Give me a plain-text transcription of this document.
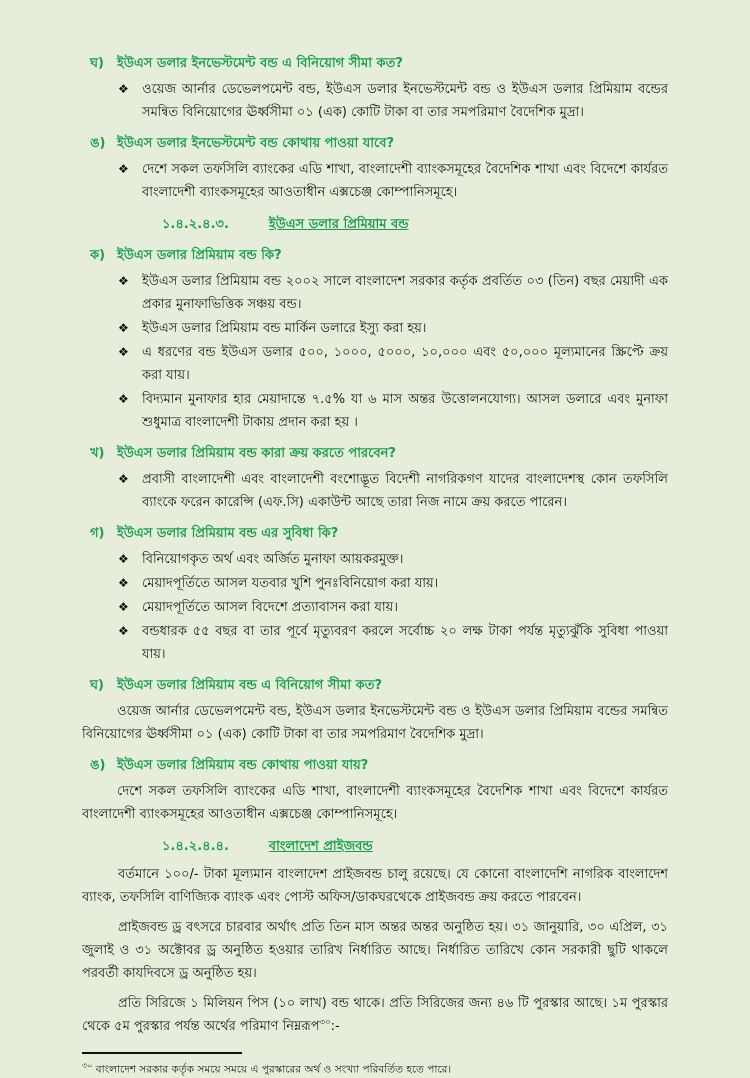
ঘ)	ইউএস ডলার ইনভেস্টমেন্ট বন্ড এ বিনিয়োগ সীমা কত?
❖	ওয়েজ আর্নার ডেভেলপমেন্ট বন্ড, ইউএস ডলার ইনভেস্টমেন্ট বন্ড ও ইউএস ডলার প্রিমিয়াম বন্ডের সমন্বিত বিনিয়োগের ঊর্ধ্বসীমা ০১ (এক) কোটি টাকা বা তার সমপরিমাণ বৈদেশিক মুদ্রা।
ঙ) ইউএস ডলার ইনভেস্টমেন্ট বন্ড কোথায় পাওয়া যাবে?
❖	দেশে সকল তফসিলি ব্যাংকের এডি শাখা, বাংলাদেশী ব্যাংকসমূহের বৈদেশিক শাখা এবং বিদেশে কার্যরত বাংলাদেশী ব্যাংকসমূহের আওতাধীন এক্সচেঞ্জ কোম্পানিসমূহে।
১.৪.২.৪.৩.	ইউএস ডলার প্রিমিয়াম বন্ড
ক) ইউএস ডলার প্রিমিয়াম বন্ড কি?
❖	ইউএস ডলার প্রিমিয়াম বন্ড ২০০২ সালে বাংলাদেশ সরকার কর্তৃক প্রবর্তিত ০৩ (তিন) বছর মেয়াদী এক প্রকার মুনাফাভিত্তিক সঞ্চয় বন্ড।
❖	ইউএস ডলার প্রিমিয়াম বন্ড মার্কিন ডলারে ইস্যু করা হয়।
❖	এ ধরণের বন্ড ইউএস ডলার ৫০০, ১০০০, ৫০০০, ১০,০০০ এবং ৫০,০০০ মূল্যমানের স্ক্রিপ্টে ক্রয় করা যায়।
❖	বিদ্যমান মুনাফার হার মেয়াদান্তে ৭.৫% যা ৬ মাস অন্তর উত্তোলনযোগ্য। আসল ডলারে এবং মুনাফা শুধুমাত্র বাংলাদেশী টাকায় প্রদান করা হয় ।
খ) ইউএস ডলার প্রিমিয়াম বন্ড কারা ক্রয় করতে পারবেন?
❖	প্রবাসী বাংলাদেশী এবং বাংলাদেশী বংশোদ্ভূত বিদেশী নাগরিকগণ যাদের বাংলাদেশস্থ কোন তফসিলি ব্যাংকে ফরেন কারেন্সি (এফ.সি) একাউন্ট আছে তারা নিজ নামে ক্রয় করতে পারেন।
গ) ইউএস ডলার প্রিমিয়াম বন্ড এর সুবিধা কি?
❖	বিনিয়োগকৃত অর্থ এবং অর্জিত মুনাফা আয়করমুক্ত।
❖	মেয়াদপূর্তিতে আসল যতবার খুশি পুনঃবিনিয়োগ করা যায়।
❖	মেয়াদপূর্তিতে আসল বিদেশে প্রত্যাবাসন করা যায়।
❖	বন্ডধারক ৫৫ বছর বা তার পূর্বে মৃত্যুবরণ করলে সর্বোচ্চ ২০ লক্ষ টাকা পর্যন্ত মৃত্যুঝুঁকি সুবিধা পাওয়া যায়।
ঘ)	ইউএস ডলার প্রিমিয়াম বন্ড এ বিনিয়োগ সীমা কত?

ওয়েজ আর্নার ডেভেলপমেন্ট বন্ড, ইউএস ডলার ইনভেস্টমেন্ট বন্ড ও ইউএস ডলার প্রিমিয়াম বন্ডের সমন্বিত বিনিয়োগের ঊর্ধ্বসীমা ০১ (এক) কোটি টাকা বা তার সমপরিমাণ বৈদেশিক মুদ্রা।

ঙ) ইউএস ডলার প্রিমিয়াম বন্ড কোথায় পাওয়া যায়?

দেশে সকল তফসিলি ব্যাংকের এডি শাখা, বাংলাদেশী ব্যাংকসমূহের বৈদেশিক শাখা এবং বিদেশে কার্যরত বাংলাদেশী ব্যাংকসমূহের আওতাধীন এক্সচেঞ্জ কোম্পানিসমূহে।

১.৪.২.৪.৪.	বাংলাদেশ প্রাইজবন্ড

বর্তমানে ১০০/- টাকা মূল্যমান বাংলাদেশ প্রাইজবন্ড চালু রয়েছে। যে কোনো বাংলাদেশি নাগরিক বাংলাদেশ ব্যাংক, তফসিলি বাণিজ্যিক ব্যাংক এবং পোস্ট অফিস/ডাকঘরথেকে প্রাইজবন্ড ক্রয় করতে পারবেন।

প্রাইজবন্ড ড্র বৎসরে চারবার অর্থাৎ প্রতি তিন মাস অন্তর অন্তর অনুষ্ঠিত হয়। ৩১ জানুয়ারি, ৩০ এপ্রিল, ৩১ জুলাই ও ৩১ অক্টোবর ড্র অনুষ্ঠিত হওয়ার তারিখ নির্ধারিত আছে। নির্ধারিত তারিখে কোন সরকারী ছুটি থাকলে পরবর্তী কাযদিবসে ড্র অনুষ্ঠিত হয়।

প্রতি সিরিজে ১ মিলিয়ন পিস (১০ লাখ) বন্ড থাকে। প্রতি সিরিজের জন্য ৪৬ টি পুরস্কার আছে। ১ম পুরস্কার থেকে ৫ম পুরস্কার পর্যন্ত অর্থের পরিমাণ নিম্নরূপ$^{৩০}$:-

$^{৩০}$ বাংলাদেশ সরকার কর্তৃক সময়ে সময়ে এ পুরস্কারের অর্থ ও সংখ্যা পরিবর্তিত হতে পারে।
